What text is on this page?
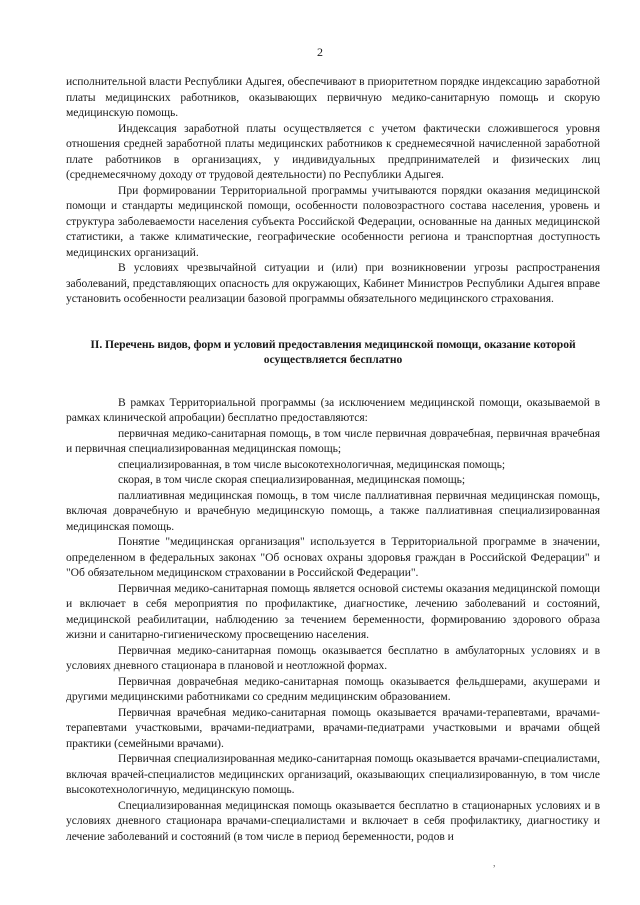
2

исполнительной власти Республики Адыгея, обеспечивают в приоритетном порядке индексацию заработной платы медицинских работников, оказывающих первичную медико-санитарную помощь и скорую медицинскую помощь.

Индексация заработной платы осуществляется с учетом фактически сложившегося уровня отношения средней заработной платы медицинских работников к среднемесячной начисленной заработной плате работников в организациях, у индивидуальных предпринимателей и физических лиц (среднемесячному доходу от трудовой деятельности) по Республики Адыгея.

При формировании Территориальной программы учитываются порядки оказания медицинской помощи и стандарты медицинской помощи, особенности половозрастного состава населения, уровень и структура заболеваемости населения субъекта Российской Федерации, основанные на данных медицинской статистики, а также климатические, географические особенности региона и транспортная доступность медицинских организаций.

В условиях чрезвычайной ситуации и (или) при возникновении угрозы распространения заболеваний, представляющих опасность для окружающих, Кабинет Министров Республики Адыгея вправе установить особенности реализации базовой программы обязательного медицинского страхования.

II. Перечень видов, форм и условий предоставления медицинской помощи, оказание которой осуществляется бесплатно

В рамках Территориальной программы (за исключением медицинской помощи, оказываемой в рамках клинической апробации) бесплатно предоставляются:

первичная медико-санитарная помощь, в том числе первичная доврачебная, первичная врачебная и первичная специализированная медицинская помощь;

специализированная, в том числе высокотехнологичная, медицинская помощь;

скорая, в том числе скорая специализированная, медицинская помощь;

паллиативная медицинская помощь, в том числе паллиативная первичная медицинская помощь, включая доврачебную и врачебную медицинскую помощь, а также паллиативная специализированная медицинская помощь.

Понятие "медицинская организация" используется в Территориальной программе в значении, определенном в федеральных законах "Об основах охраны здоровья граждан в Российской Федерации" и "Об обязательном медицинском страховании в Российской Федерации".

Первичная медико-санитарная помощь является основой системы оказания медицинской помощи и включает в себя мероприятия по профилактике, диагностике, лечению заболеваний и состояний, медицинской реабилитации, наблюдению за течением беременности, формированию здорового образа жизни и санитарно-гигиеническому просвещению населения.

Первичная медико-санитарная помощь оказывается бесплатно в амбулаторных условиях и в условиях дневного стационара в плановой и неотложной формах.

Первичная доврачебная медико-санитарная помощь оказывается фельдшерами, акушерами и другими медицинскими работниками со средним медицинским образованием.

Первичная врачебная медико-санитарная помощь оказывается врачами-терапевтами, врачами-терапевтами участковыми, врачами-педиатрами, врачами-педиатрами участковыми и врачами общей практики (семейными врачами).

Первичная специализированная медико-санитарная помощь оказывается врачами-специалистами, включая врачей-специалистов медицинских организаций, оказывающих специализированную, в том числе высокотехнологичную, медицинскую помощь.

Специализированная медицинская помощь оказывается бесплатно в стационарных условиях и в условиях дневного стационара врачами-специалистами и включает в себя профилактику, диагностику и лечение заболеваний и состояний (в том числе в период беременности, родов и

,
